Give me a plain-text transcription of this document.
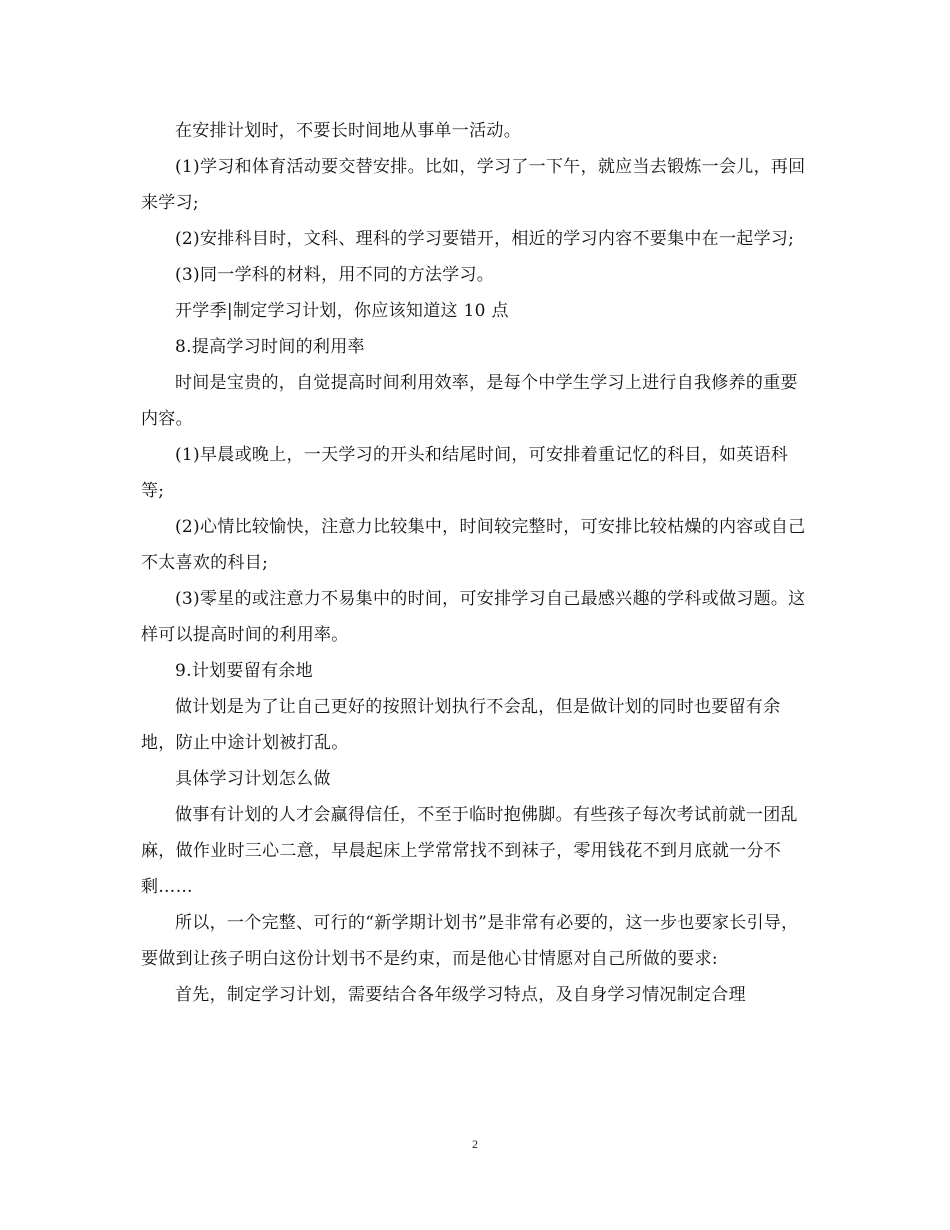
在安排计划时，不要长时间地从事单一活动。

(1)学习和体育活动要交替安排。比如，学习了一下午，就应当去锻炼一会儿，再回来学习;

(2)安排科目时，文科、理科的学习要错开，相近的学习内容不要集中在一起学习;

(3)同一学科的材料，用不同的方法学习。

开学季|制定学习计划，你应该知道这 10 点

8.提高学习时间的利用率

时间是宝贵的，自觉提高时间利用效率，是每个中学生学习上进行自我修养的重要内容。

(1)早晨或晚上，一天学习的开头和结尾时间，可安排着重记忆的科目，如英语科等;

(2)心情比较愉快，注意力比较集中，时间较完整时，可安排比较枯燥的内容或自己不太喜欢的科目;

(3)零星的或注意力不易集中的时间，可安排学习自己最感兴趣的学科或做习题。这样可以提高时间的利用率。

9.计划要留有余地

做计划是为了让自己更好的按照计划执行不会乱，但是做计划的同时也要留有余地，防止中途计划被打乱。

具体学习计划怎么做

做事有计划的人才会赢得信任，不至于临时抱佛脚。有些孩子每次考试前就一团乱麻，做作业时三心二意，早晨起床上学常常找不到袜子，零用钱花不到月底就一分不剩……

所以，一个完整、可行的“新学期计划书”是非常有必要的，这一步也要家长引导，要做到让孩子明白这份计划书不是约束，而是他心甘情愿对自己所做的要求:

首先，制定学习计划，需要结合各年级学习特点，及自身学习情况制定合理

2
